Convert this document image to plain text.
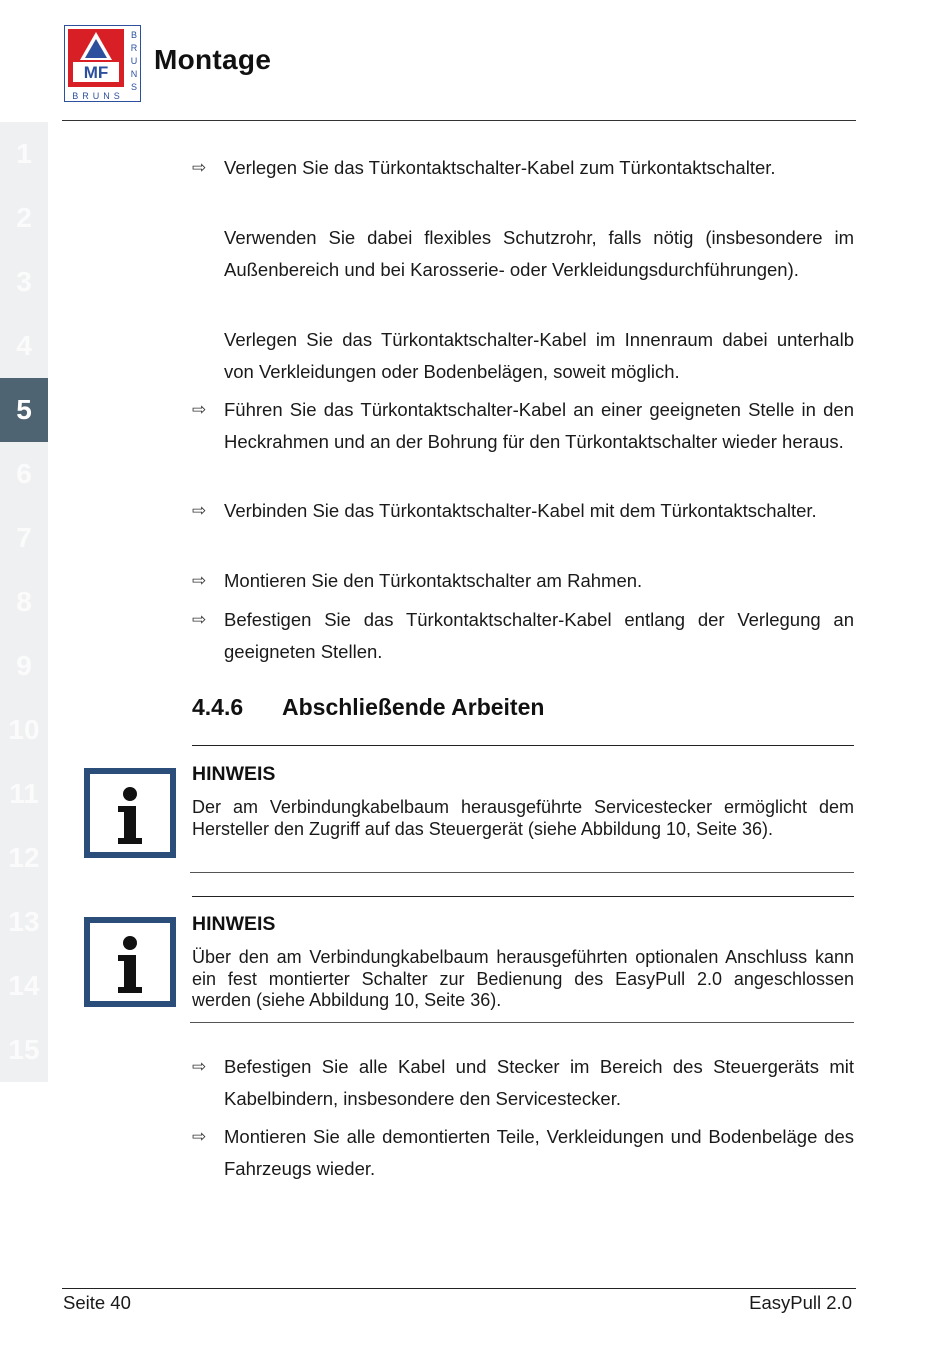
MF
B
R
U
N
S
BRUNS
Montage
1
2
3
4
5
6
7
8
9
10
11
12
13
14
15
⇨ Verlegen Sie das Türkontaktschalter-Kabel zum Türkontaktschalter.
Verwenden Sie dabei flexibles Schutzrohr, falls nötig (insbesondere im Außenbereich und bei Karosserie- oder Verkleidungsdurchführungen).
Verlegen Sie das Türkontaktschalter-Kabel im Innenraum dabei unterhalb von Verkleidungen oder Bodenbelägen, soweit möglich.
⇨ Führen Sie das Türkontaktschalter-Kabel an einer geeigneten Stelle in den Heckrahmen und an der Bohrung für den Türkontaktschalter wieder heraus.
⇨ Verbinden Sie das Türkontaktschalter-Kabel mit dem Türkontaktschalter.
⇨ Montieren Sie den Türkontaktschalter am Rahmen.
⇨ Befestigen Sie das Türkontaktschalter-Kabel entlang der Verlegung an geeigneten Stellen.
4.4.6 Abschließende Arbeiten
HINWEIS
Der am Verbindungkabelbaum herausgeführte Servicestecker ermöglicht dem Hersteller den Zugriff auf das Steuergerät (siehe Abbildung 10, Seite 36).
HINWEIS
Über den am Verbindungkabelbaum herausgeführten optionalen Anschluss kann ein fest montierter Schalter zur Bedienung des EasyPull 2.0 angeschlossen werden (siehe Abbildung 10, Seite 36).
⇨ Befestigen Sie alle Kabel und Stecker im Bereich des Steuergeräts mit Kabelbindern, insbesondere den Servicestecker.
⇨ Montieren Sie alle demontierten Teile, Verkleidungen und Bodenbeläge des Fahrzeugs wieder.
Seite 40	EasyPull 2.0
